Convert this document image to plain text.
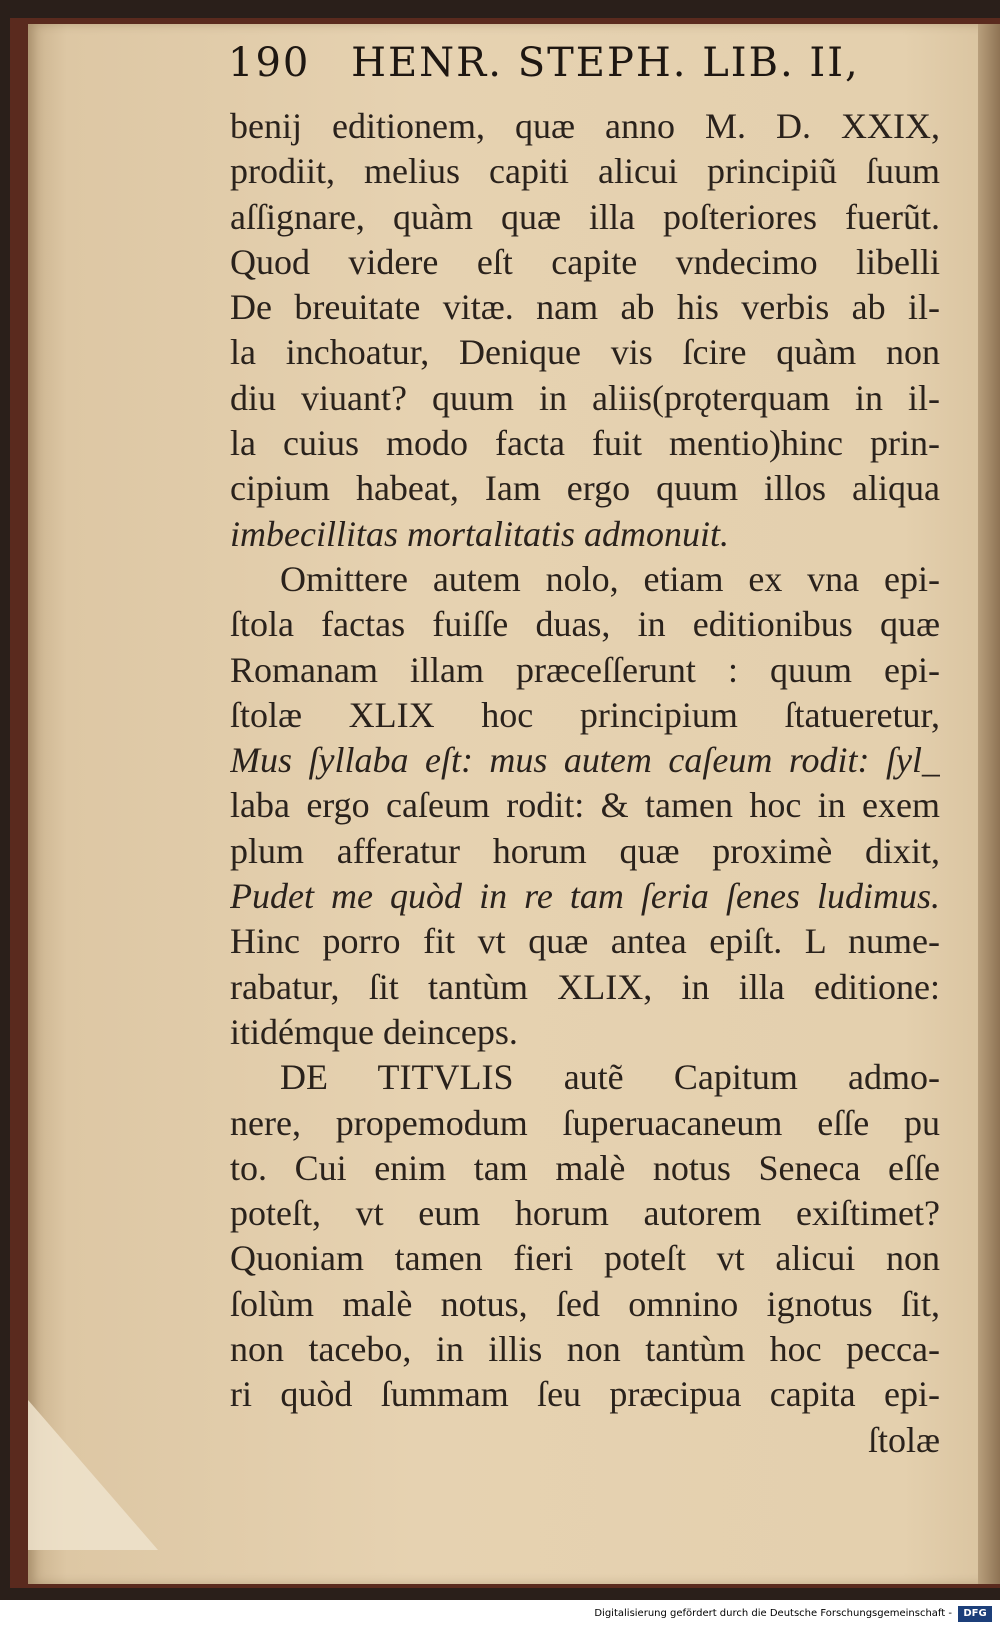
190 HENR. STEPH. LIB. II,
benij editionem, quæ anno M. D. XXIX,
prodiit, melius capiti alicui principiũ ſuum
aſſignare, quàm quæ illa poſteriores fuerũt.
Quod videre eſt capite vndecimo libelli
De breuitate vitæ. nam ab his verbis ab il-
la inchoatur, Denique vis ſcire quàm non
diu viuant? quum in aliis(prǫterquam in il-
la cuius modo facta fuit mentio)hinc prin-
cipium habeat, Iam ergo quum illos aliqua
imbecillitas mortalitatis admonuit.
Omittere autem nolo, etiam ex vna epi-
ſtola factas fuiſſe duas, in editionibus quæ
Romanam illam præceſſerunt : quum epi-
ſtolæ XLIX hoc principium ſtatueretur,
Mus ſyllaba eſt: mus autem caſeum rodit: ſyl_
laba ergo caſeum rodit: & tamen hoc in exem
plum afferatur horum quæ proximè dixit,
Pudet me quòd in re tam ſeria ſenes ludimus.
Hinc porro fit vt quæ antea epiſt. L nume-
rabatur, ſit tantùm XLIX, in illa editione:
itidémque deinceps.
DE TITVLIS autẽ Capitum admo-
nere, propemodum ſuperuacaneum eſſe pu
to. Cui enim tam malè notus Seneca eſſe
poteſt, vt eum horum autorem exiſtimet?
Quoniam tamen fieri poteſt vt alicui non
ſolùm malè notus, ſed omnino ignotus ſit,
non tacebo, in illis non tantùm hoc pecca-
ri quòd ſummam ſeu præcipua capita epi-
ſtolæ
Digitalisierung gefördert durch die Deutsche Forschungsgemeinschaft -	DFG
